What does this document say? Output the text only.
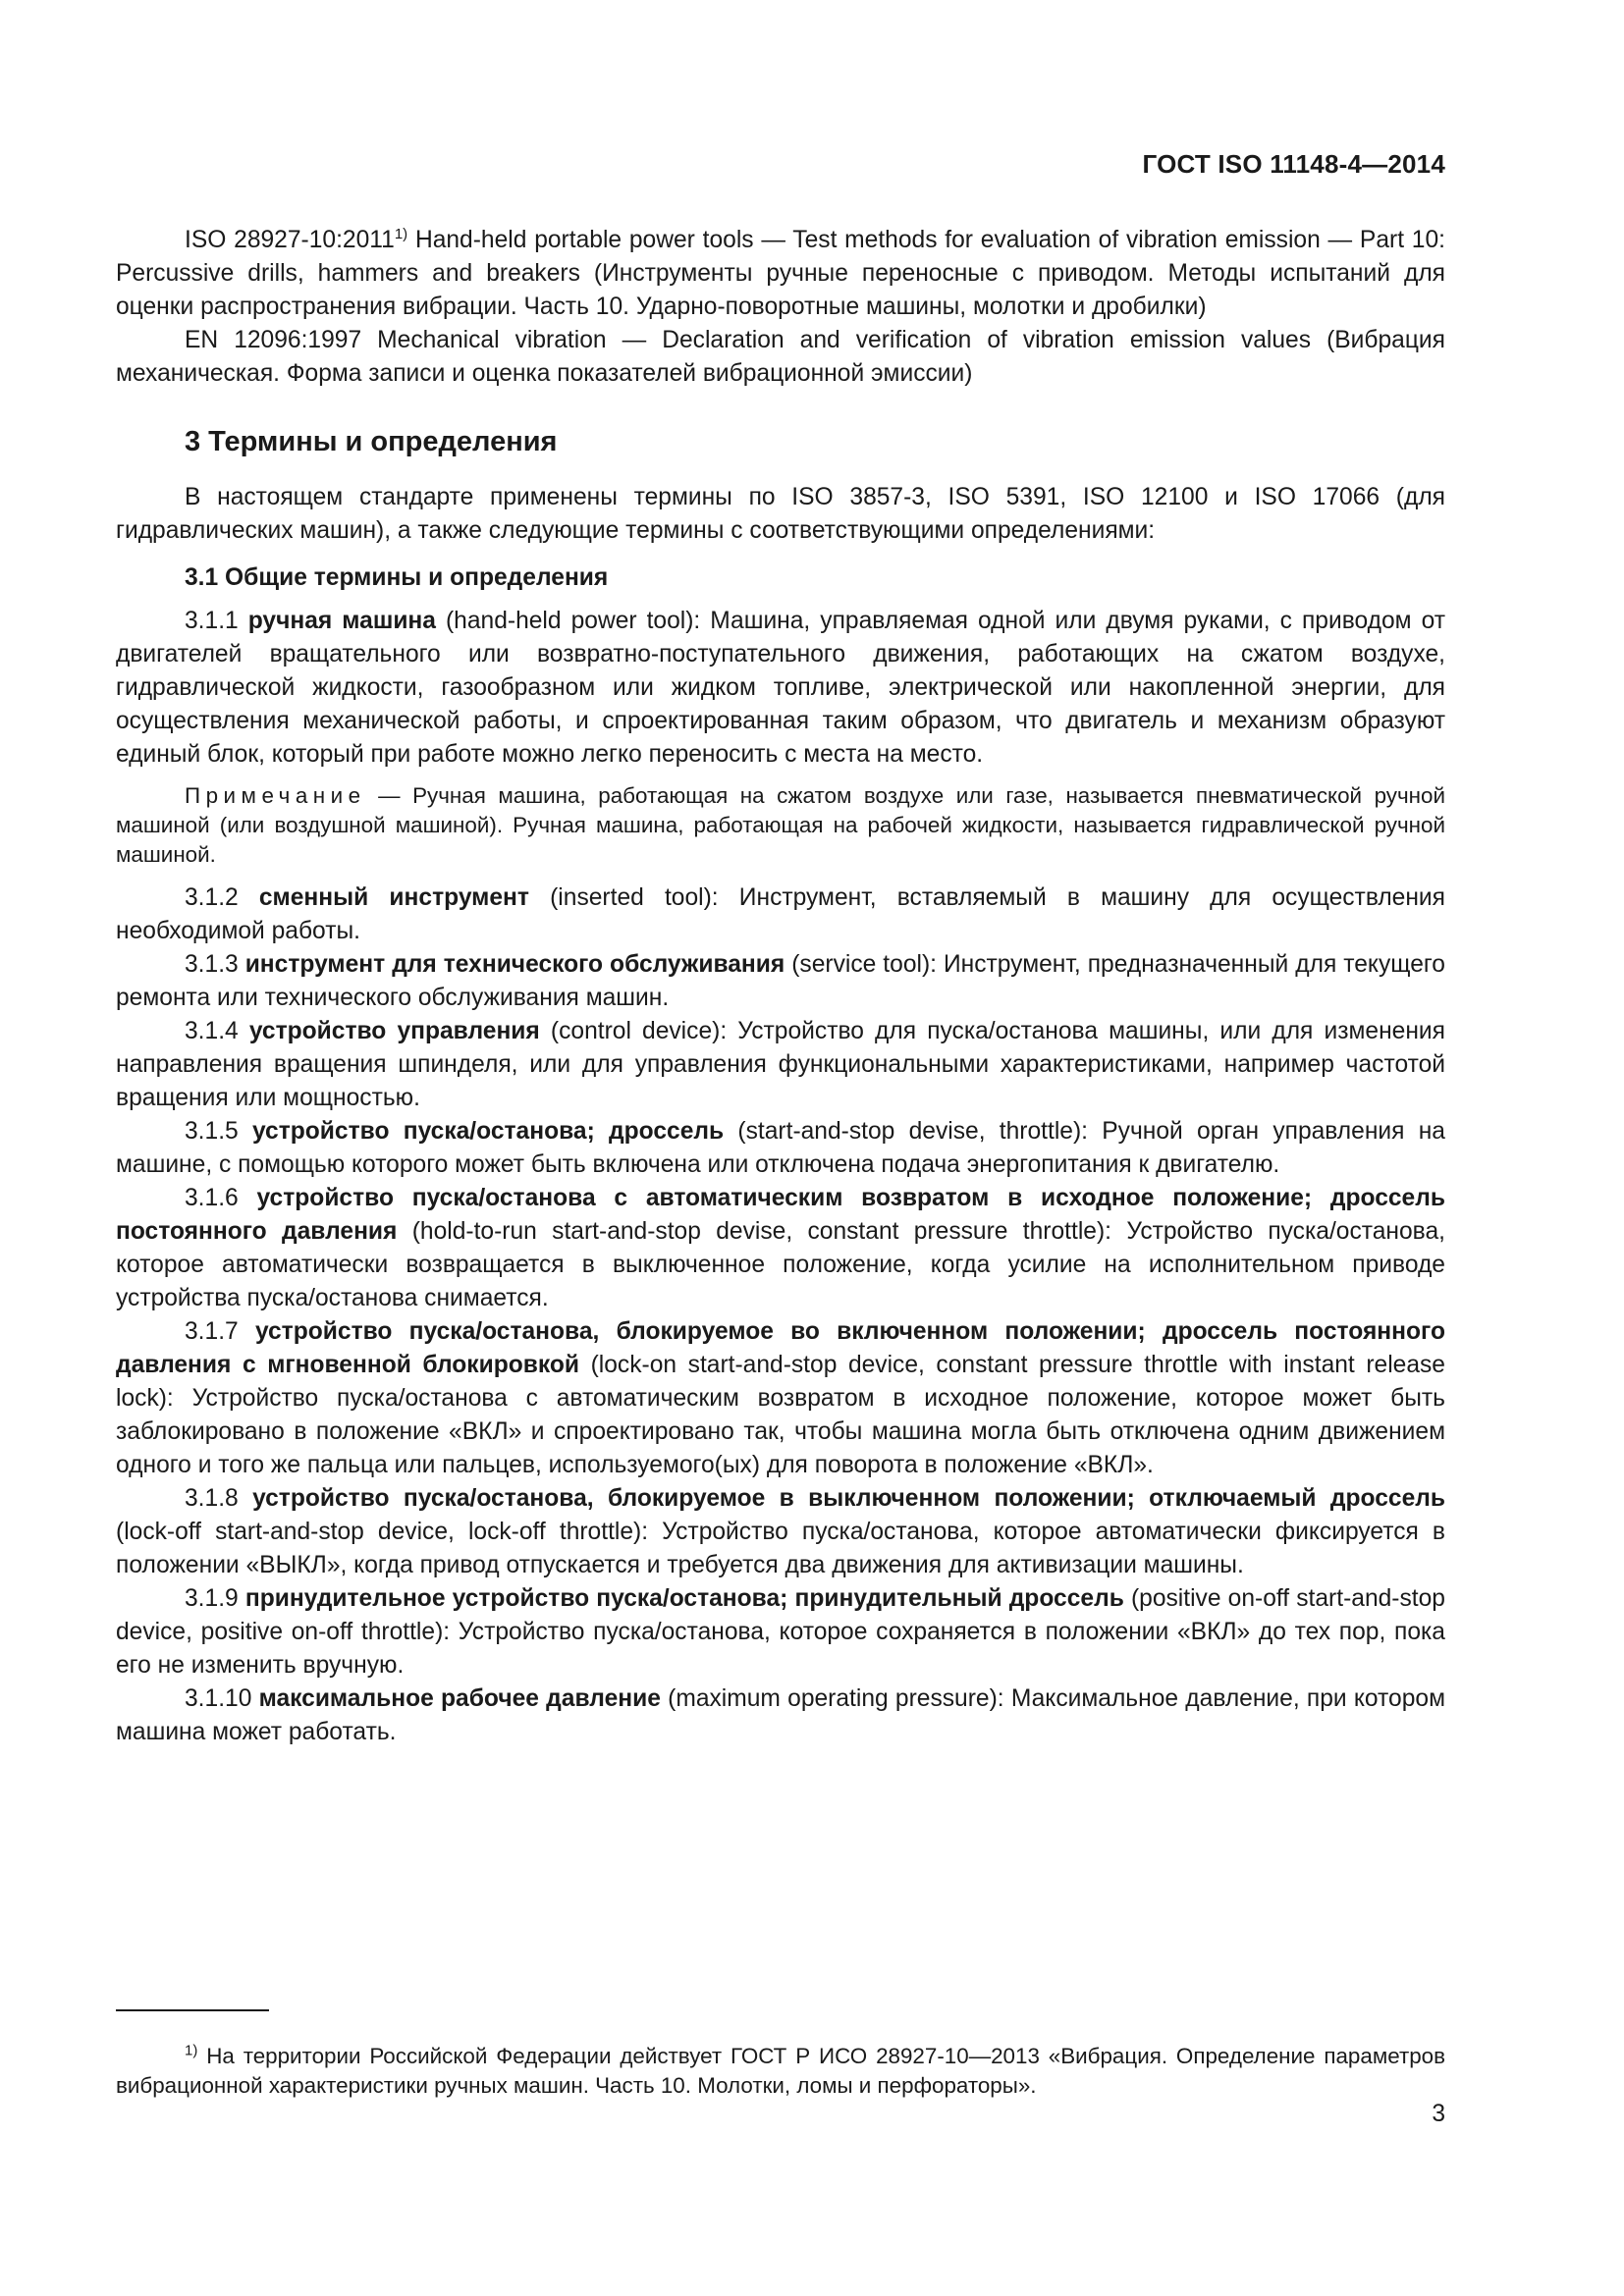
ГОСТ ISO 11148-4—2014

ISO 28927-10:2011$^{1)}$ Hand-held portable power tools — Test methods for evaluation of vibration emission — Part 10: Percussive drills, hammers and breakers (Инструменты ручные переносные с приводом. Методы испытаний для оценки распространения вибрации. Часть 10. Ударно-поворотные машины, молотки и дробилки)

EN 12096:1997 Mechanical vibration — Declaration and verification of vibration emission values (Вибрация механическая. Форма записи и оценка показателей вибрационной эмиссии)

3 Термины и определения

В настоящем стандарте применены термины по ISO 3857-3, ISO 5391, ISO 12100 и ISO 17066 (для гидравлических машин), а также следующие термины с соответствующими определениями:

3.1 Общие термины и определения

3.1.1 ручная машина (hand-held power tool): Машина, управляемая одной или двумя руками, с приводом от двигателей вращательного или возвратно-поступательного движения, работающих на сжатом воздухе, гидравлической жидкости, газообразном или жидком топливе, электрической или накопленной энергии, для осуществления механической работы, и спроектированная таким образом, что двигатель и механизм образуют единый блок, который при работе можно легко переносить с места на место.

Примечание — Ручная машина, работающая на сжатом воздухе или газе, называется пневматической ручной машиной (или воздушной машиной). Ручная машина, работающая на рабочей жидкости, называется гидравлической ручной машиной.

3.1.2 сменный инструмент (inserted tool): Инструмент, вставляемый в машину для осуществления необходимой работы.

3.1.3 инструмент для технического обслуживания (service tool): Инструмент, предназначенный для текущего ремонта или технического обслуживания машин.

3.1.4 устройство управления (control device): Устройство для пуска/останова машины, или для изменения направления вращения шпинделя, или для управления функциональными характеристиками, например частотой вращения или мощностью.

3.1.5 устройство пуска/останова; дроссель (start-and-stop devise, throttle): Ручной орган управления на машине, с помощью которого может быть включена или отключена подача энергопитания к двигателю.

3.1.6 устройство пуска/останова с автоматическим возвратом в исходное положение; дроссель постоянного давления (hold-to-run start-and-stop devise, constant pressure throttle): Устройство пуска/останова, которое автоматически возвращается в выключенное положение, когда усилие на исполнительном приводе устройства пуска/останова снимается.

3.1.7 устройство пуска/останова, блокируемое во включенном положении; дроссель постоянного давления с мгновенной блокировкой (lock-on start-and-stop device, constant pressure throttle with instant release lock): Устройство пуска/останова с автоматическим возвратом в исходное положение, которое может быть заблокировано в положение «ВКЛ» и спроектировано так, чтобы машина могла быть отключена одним движением одного и того же пальца или пальцев, используемого(ых) для поворота в положение «ВКЛ».

3.1.8 устройство пуска/останова, блокируемое в выключенном положении; отключаемый дроссель (lock-off start-and-stop device, lock-off throttle): Устройство пуска/останова, которое автоматически фиксируется в положении «ВЫКЛ», когда привод отпускается и требуется два движения для активизации машины.

3.1.9 принудительное устройство пуска/останова; принудительный дроссель (positive on-off start-and-stop device, positive on-off throttle): Устройство пуска/останова, которое сохраняется в положении «ВКЛ» до тех пор, пока его не изменить вручную.

3.1.10 максимальное рабочее давление (maximum operating pressure): Максимальное давление, при котором машина может работать.

$^{1)}$ На территории Российской Федерации действует ГОСТ Р ИСО 28927-10—2013 «Вибрация. Определение параметров вибрационной характеристики ручных машин. Часть 10. Молотки, ломы и перфораторы».

3
